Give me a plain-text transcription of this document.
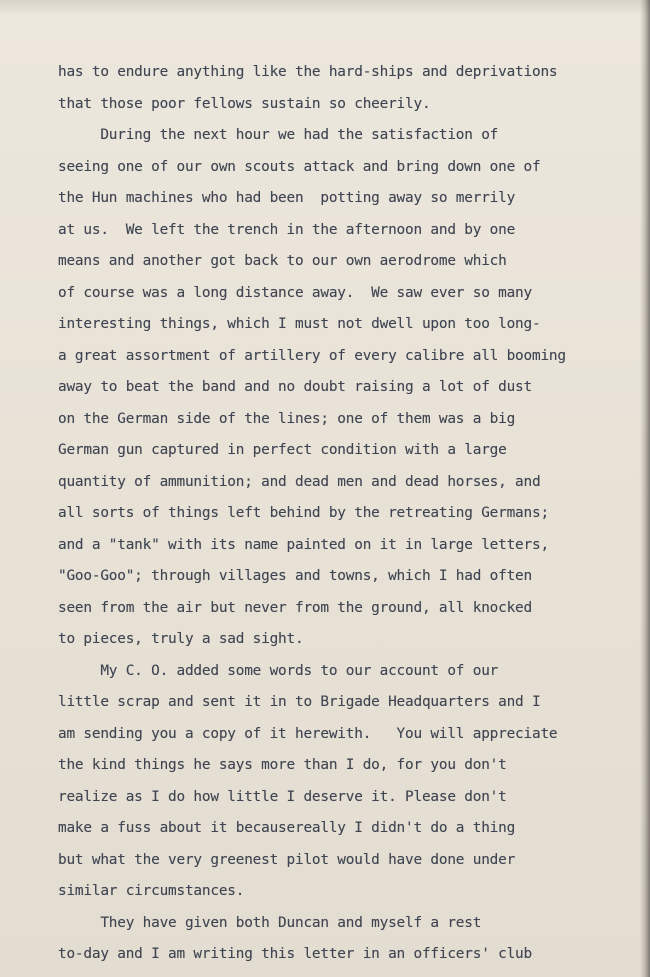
has to endure anything like the hard-ships and deprivations
that those poor fellows sustain so cheerily.
During the next hour we had the satisfaction of
seeing one of our own scouts attack and bring down one of
the Hun machines who had been  potting away so merrily
at us.  We left the trench in the afternoon and by one
means and another got back to our own aerodrome which
of course was a long distance away.  We saw ever so many
interesting things, which I must not dwell upon too long-
a great assortment of artillery of every calibre all booming
away to beat the band and no doubt raising a lot of dust
on the German side of the lines; one of them was a big
German gun captured in perfect condition with a large
quantity of ammunition; and dead men and dead horses, and
all sorts of things left behind by the retreating Germans;
and a "tank" with its name painted on it in large letters,
"Goo-Goo"; through villages and towns, which I had often
seen from the air but never from the ground, all knocked
to pieces, truly a sad sight.
My C. O. added some words to our account of our
little scrap and sent it in to Brigade Headquarters and I
am sending you a copy of it herewith.   You will appreciate
the kind things he says more than I do, for you don't
realize as I do how little I deserve it. Please don't
make a fuss about it becausereally I didn't do a thing
but what the very greenest pilot would have done under
similar circumstances.
They have given both Duncan and myself a rest
to-day and I am writing this letter in an officers' club
